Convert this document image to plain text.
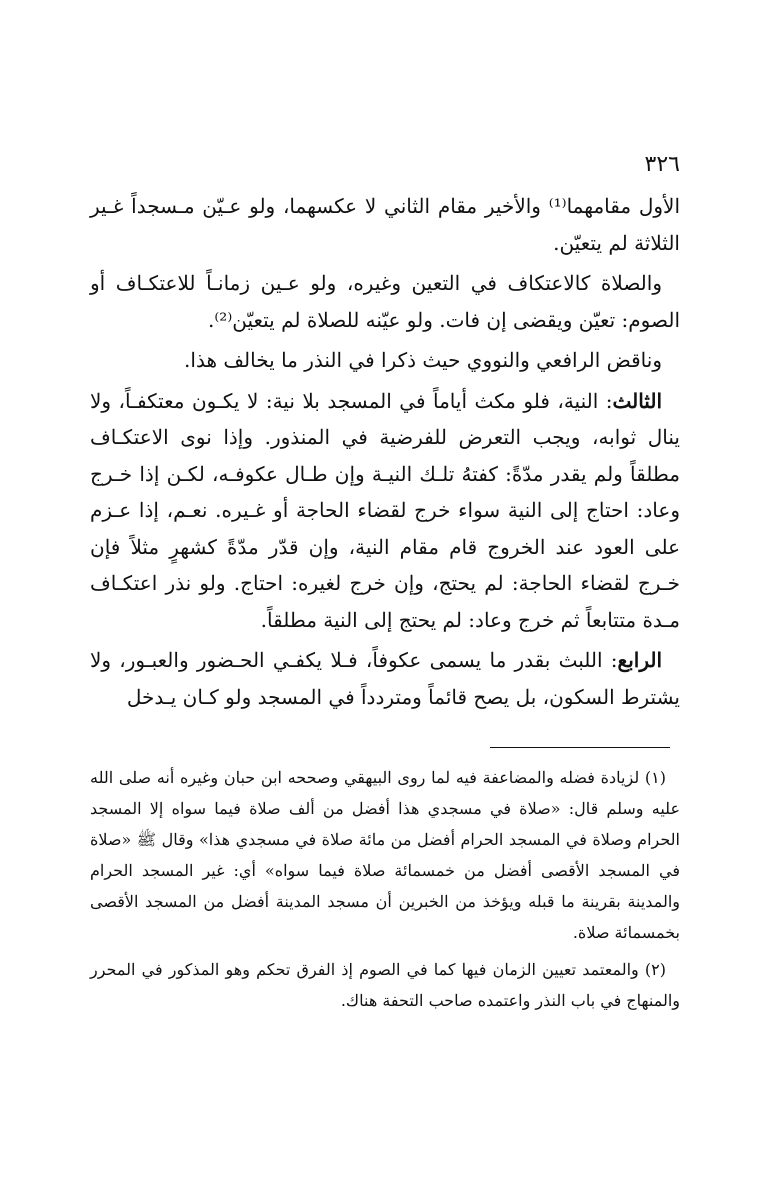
٣٢٦

الأول مقامهما⁽¹⁾ والأخير مقام الثاني لا عكسهما، ولو عـيّن مـسجداً غـير الثلاثة لم يتعيّن.

والصلاة كالاعتكاف في التعين وغيره، ولو عـين زمانـاً للاعتكـاف أو الصوم: تعيّن ويقضى إن فات. ولو عيّنه للصلاة لم يتعيّن⁽²⁾.

وناقض الرافعي والنووي حيث ذكرا في النذر ما يخالف هذا.

الثالث: النية، فلو مكث أياماً في المسجد بلا نية: لا يكـون معتكفـاً، ولا ينال ثوابه، ويجب التعرض للفرضية في المنذور. وإذا نوى الاعتكـاف مطلقاً ولم يقدر مدّةً: كفتهُ تلـك النيـة وإن طـال عكوفـه، لكـن إذا خـرج وعاد: احتاج إلى النية سواء خرج لقضاء الحاجة أو غـيره. نعـم، إذا عـزم على العود عند الخروج قام مقام النية، وإن قدّر مدّةً كشهرٍ مثلاً فإن خـرج لقضاء الحاجة: لم يحتج، وإن خرج لغيره: احتاج. ولو نذر اعتكـاف مـدة متتابعاً ثم خرج وعاد: لم يحتج إلى النية مطلقاً.

الرابع: اللبث بقدر ما يسمى عكوفاً، فـلا يكفـي الحـضور والعبـور، ولا يشترط السكون، بل يصح قائماً ومتردداً في المسجد ولو كـان يـدخل

(١) لزيادة فضله والمضاعفة فيه لما روى البيهقي وصححه ابن حبان وغيره أنه صلى الله عليه وسلم قال: «صلاة في مسجدي هذا أفضل من ألف صلاة فيما سواه إلا المسجد الحرام وصلاة في المسجد الحرام أفضل من مائة صلاة في مسجدي هذا» وقال ﷺ «صلاة في المسجد الأقصى أفضل من خمسمائة صلاة فيما سواه» أي: غير المسجد الحرام والمدينة بقرينة ما قبله ويؤخذ من الخبرين أن مسجد المدينة أفضل من المسجد الأقصى بخمسمائة صلاة.

(٢) والمعتمد تعيين الزمان فيها كما في الصوم إذ الفرق تحكم وهو المذكور في المحرر والمنهاج في باب النذر واعتمده صاحب التحفة هناك.
